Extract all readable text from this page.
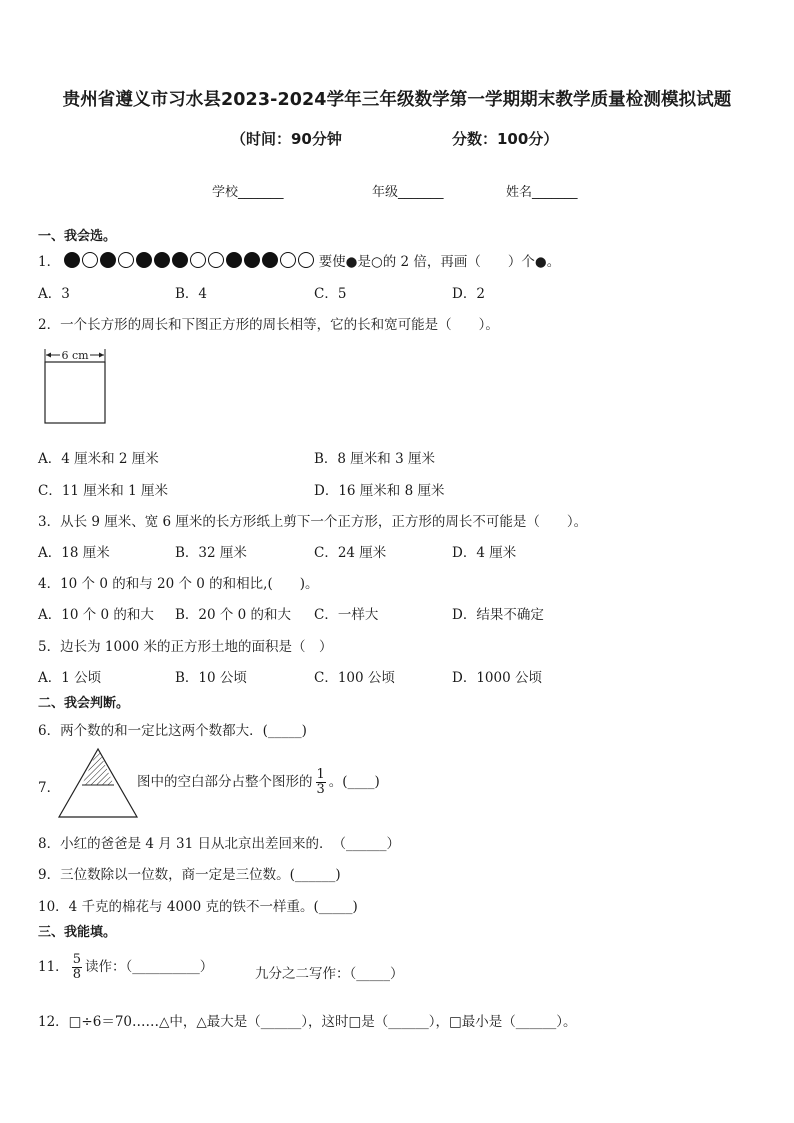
贵州省遵义市习水县2023-2024学年三年级数学第一学期期末教学质量检测模拟试题
（时间：90分钟	分数：100分）
学校_______	年级_______	姓名_______
一、我会选。
1．	要使●是○的 2 倍，再画（　　）个●。
A．3	B．4	C．5	D．2
2．一个长方形的周长和下图正方形的周长相等，它的长和宽可能是（　　）。
6 cm
A．4 厘米和 2 厘米	B．8 厘米和 3 厘米
C．11 厘米和 1 厘米	D．16 厘米和 8 厘米
3．从长 9 厘米、宽 6 厘米的长方形纸上剪下一个正方形，正方形的周长不可能是（　　）。
A．18 厘米	B．32 厘米	C．24 厘米	D．4 厘米
4．10 个 0 的和与 20 个 0 的和相比,(　　)。
A．10 个 0 的和大 B．20 个 0 的和大 C．一样大	D．结果不确定
5．边长为 1000 米的正方形土地的面积是（　）
A．1 公顷	B．10 公顷	C．100 公顷	D．1000 公顷
二、我会判断。
6．两个数的和一定比这两个数都大．(_____)
7．	图中的空白部分占整个图形的 $\frac{1}{3}$ 。(____)
8．小红的爸爸是 4 月 31 日从北京出差回来的．　（______）
9．三位数除以一位数，商一定是三位数。(______)
10．4 千克的棉花与 4000 克的铁不一样重。(_____)
三、我能填。
11． $\frac{5}{8}$ 读作：（__________）	九分之二写作：（_____）
12．□÷6＝70……△中，△最大是（______），这时□是（______），□最小是（______）。
